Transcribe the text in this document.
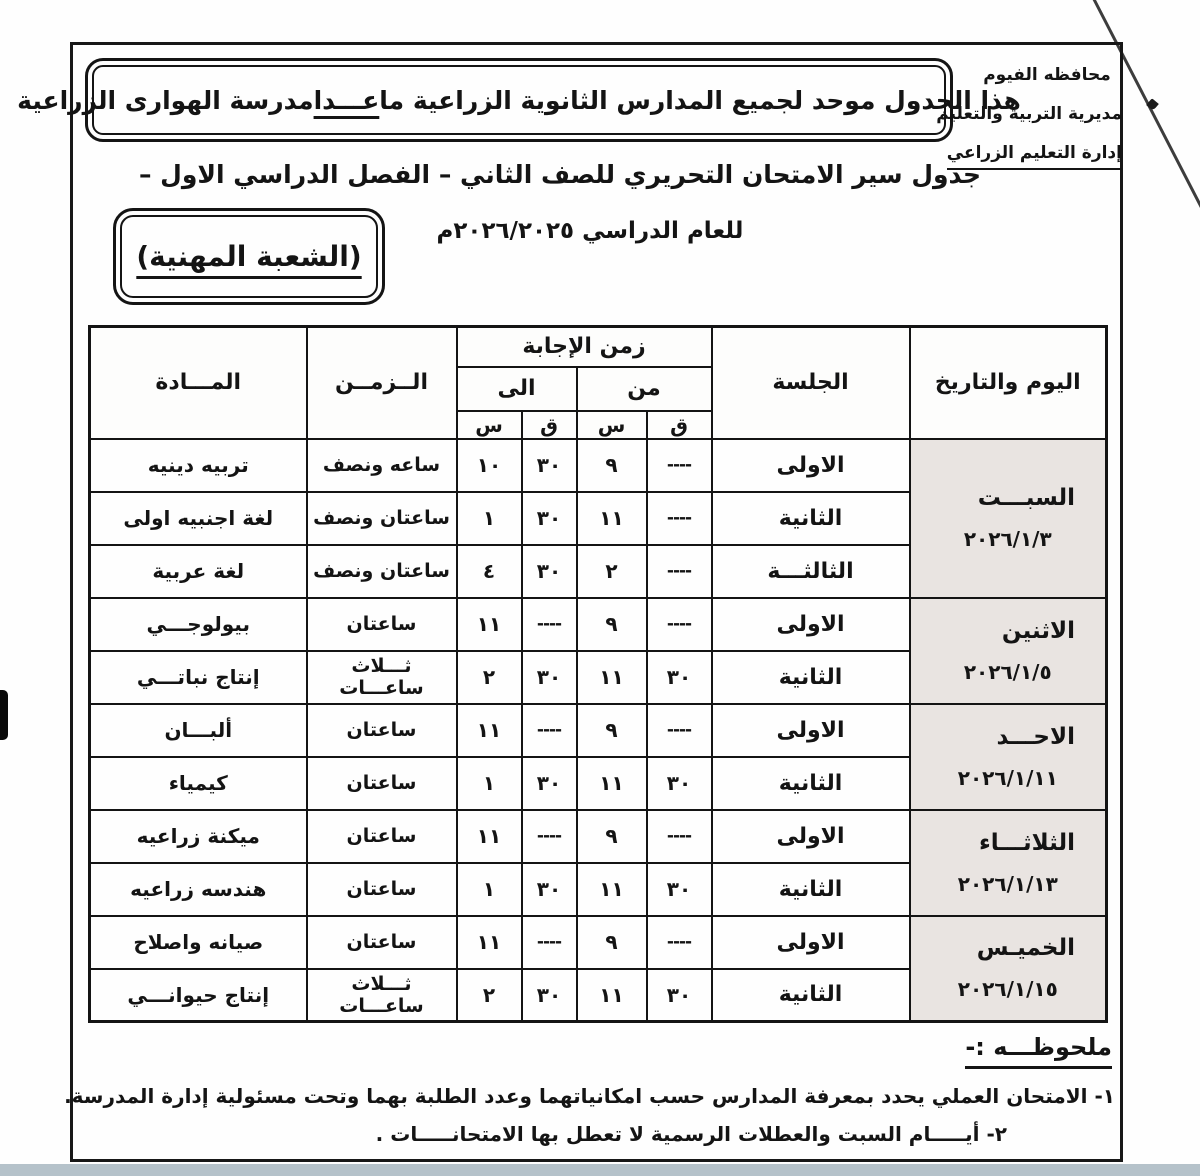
محافظه الفيوم
مديرية التربية والتعليم
إدارة التعليم الزراعي
هذا الجدول موحد لجميع المدارس الثانوية الزراعية ما
عـــدا
مدرسة الهوارى الزراعية
جدول سير الامتحان التحريري للصف الثاني – الفصل الدراسي الاول –
للعام الدراسي ٢٠٢٦/٢٠٢٥م
(الشعبة المهنية)
اليوم والتاريخ	الجلسة	زمن الإجابة				الــزمــن	المـــادة
		من		الى			
		ق	س	ق	س		

السبـــت
٢٠٢٦/١/٣	الاولى	----	٩	٣٠	١٠	ساعه ونصف	تربيه دينيه
	الثانية	----	١١	٣٠	١	ساعتان ونصف	لغة اجنبيه اولى
	الثالثـــة	----	٢	٣٠	٤	ساعتان ونصف	لغة عربية

الاثنين
٢٠٢٦/١/٥	الاولى	----	٩	----	١١	ساعتان	بيولوجـــي
	الثانية	٣٠	١١	٣٠	٢	ثـــلاث ساعـــات	إنتاج نباتـــي

الاحـــد
٢٠٢٦/١/١١	الاولى	----	٩	----	١١	ساعتان	ألبـــان
	الثانية	٣٠	١١	٣٠	١	ساعتان	كيمياء

الثلاثـــاء
٢٠٢٦/١/١٣	الاولى	----	٩	----	١١	ساعتان	ميكنة زراعيه
	الثانية	٣٠	١١	٣٠	١	ساعتان	هندسه زراعيه

الخميـس
٢٠٢٦/١/١٥	الاولى	----	٩	----	١١	ساعتان	صيانه واصلاح
	الثانية	٣٠	١١	٣٠	٢	ثـــلاث ساعـــات	إنتاج حيوانـــي
ملحوظـــه :-
١- الامتحان العملي يحدد بمعرفة المدارس حسب امكانياتهما وعدد الطلبة بهما وتحت مسئولية إدارة المدرسة.
٢- أيـــــام السبت والعطلات الرسمية لا تعطل بها الامتحانـــــات .
